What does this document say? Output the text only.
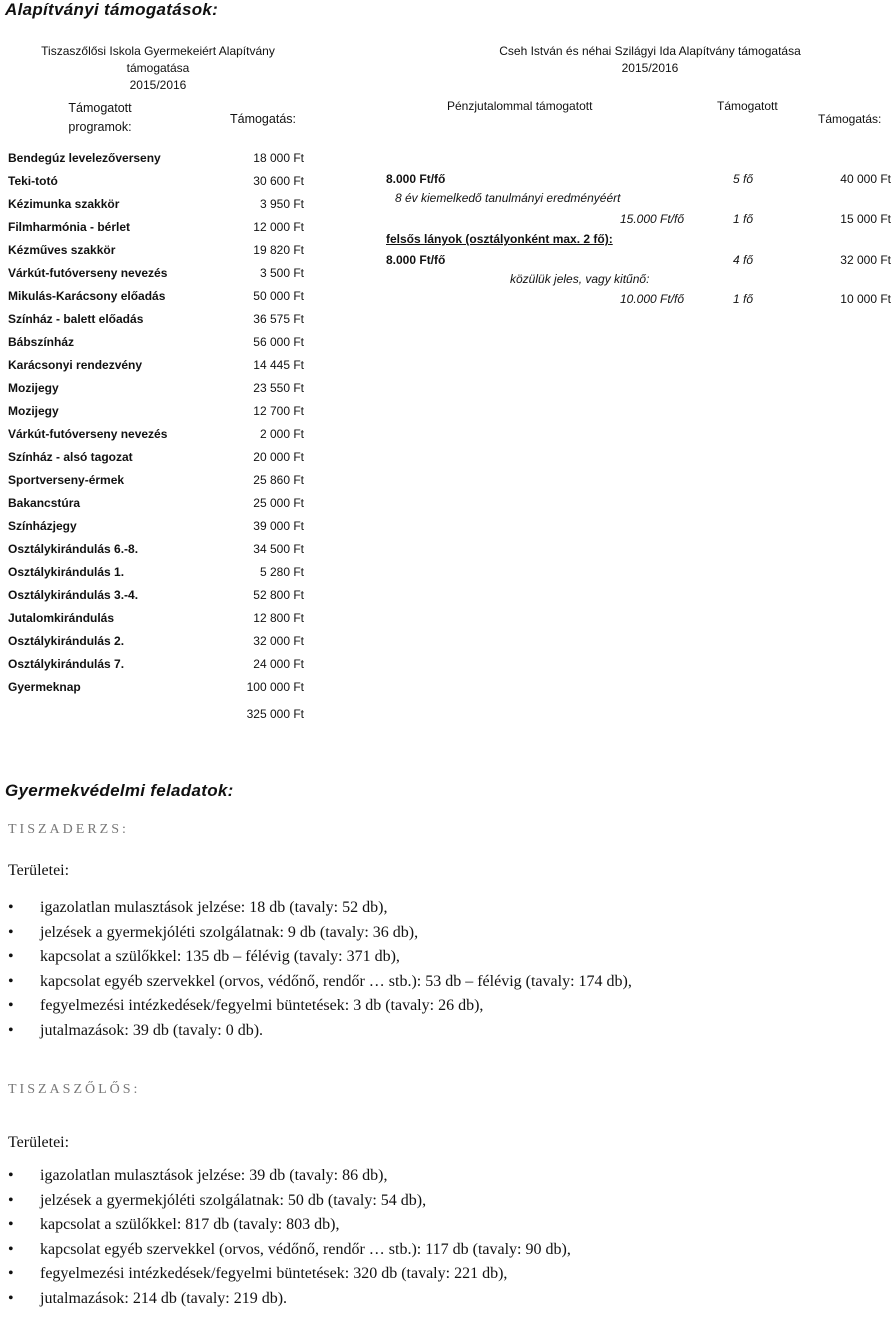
Alapítványi támogatások:
Tiszaszőlősi Iskola Gyermekeiért Alapítvány
támogatása
2015/2016
Támogatott
programok:
Támogatás:
Bendegúz levelezőverseny	18 000 Ft
Teki-totó	30 600 Ft
Kézimunka szakkör	3 950 Ft
Filmharmónia - bérlet	12 000 Ft
Kézműves szakkör	19 820 Ft
Várkút-futóverseny nevezés	3 500 Ft
Mikulás-Karácsony előadás	50 000 Ft
Színház - balett előadás	36 575 Ft
Bábszínház	56 000 Ft
Karácsonyi rendezvény	14 445 Ft
Mozijegy	23 550 Ft
Mozijegy	12 700 Ft
Várkút-futóverseny nevezés	2 000 Ft
Színház - alsó tagozat	20 000 Ft
Sportverseny-érmek	25 860 Ft
Bakancstúra	25 000 Ft
Színházjegy	39 000 Ft
Osztálykirándulás 6.-8.	34 500 Ft
Osztálykirándulás 1.	5 280 Ft
Osztálykirándulás 3.-4.	52 800 Ft
Jutalomkirándulás	12 800 Ft
Osztálykirándulás 2.	32 000 Ft
Osztálykirándulás 7.	24 000 Ft
Gyermeknap	100 000 Ft
325 000 Ft
Cseh István és néhai Szilágyi Ida Alapítvány támogatása
2015/2016
Pénzjutalommal támogatott	Támogatott
Támogatás:
8.000 Ft/fő	5 fő	40 000 Ft
8 év kiemelkedő tanulmányi eredményéért
15.000 Ft/fő	1 fő	15 000 Ft
felsős lányok (osztályonként max. 2 fő):
8.000 Ft/fő	4 fő	32 000 Ft
közülük jeles, vagy kitűnő:
10.000 Ft/fő	1 fő	10 000 Ft
Gyermekvédelmi feladatok:
TISZADERZS:
Területei:
• igazolatlan mulasztások jelzése: 18 db (tavaly: 52 db),
• jelzések a gyermekjóléti szolgálatnak: 9 db (tavaly: 36 db),
• kapcsolat a szülőkkel: 135 db – félévig (tavaly: 371 db),
• kapcsolat egyéb szervekkel (orvos, védőnő, rendőr … stb.): 53 db – félévig (tavaly: 174 db),
• fegyelmezési intézkedések/fegyelmi büntetések: 3 db (tavaly: 26 db),
• jutalmazások: 39 db (tavaly: 0 db).
TISZASZŐLŐS:
Területei:
• igazolatlan mulasztások jelzése: 39 db (tavaly: 86 db),
• jelzések a gyermekjóléti szolgálatnak: 50 db (tavaly: 54 db),
• kapcsolat a szülőkkel: 817 db (tavaly: 803 db),
• kapcsolat egyéb szervekkel (orvos, védőnő, rendőr … stb.): 117 db (tavaly: 90 db),
• fegyelmezési intézkedések/fegyelmi büntetések: 320 db (tavaly: 221 db),
• jutalmazások: 214 db (tavaly: 219 db).
